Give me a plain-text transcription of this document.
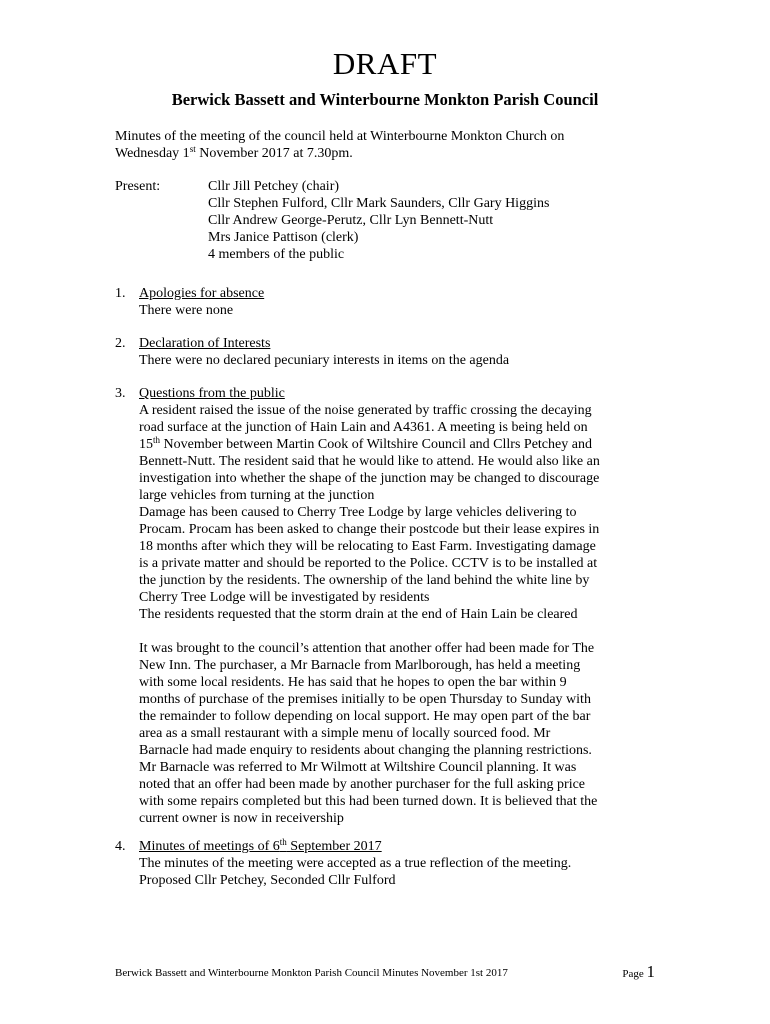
DRAFT
Berwick Bassett and Winterbourne Monkton Parish Council

Minutes of the meeting of the council held at Winterbourne Monkton Church on

Wednesday 1st November 2017 at 7.30pm.

Present:	Cllr Jill Petchey (chair)

Cllr Stephen Fulford, Cllr Mark Saunders, Cllr Gary Higgins

Cllr Andrew George-Perutz, Cllr Lyn Bennett-Nutt

Mrs Janice Pattison (clerk)

4 members of the public

1. Apologies for absence

There were none

2. Declaration of Interests

There were no declared pecuniary interests in items on the agenda

3. Questions from the public

A resident raised the issue of the noise generated by traffic crossing the decaying

road surface at the junction of Hain Lain and A4361. A meeting is being held on

15th November between Martin Cook of Wiltshire Council and Cllrs Petchey and

Bennett-Nutt. The resident said that he would like to attend. He would also like an

investigation into whether the shape of the junction may be changed to discourage

large vehicles from turning at the junction

Damage has been caused to Cherry Tree Lodge by large vehicles delivering to

Procam. Procam has been asked to change their postcode but their lease expires in

18 months after which they will be relocating to East Farm. Investigating damage

is a private matter and should be reported to the Police. CCTV is to be installed at

the junction by the residents. The ownership of the land behind the white line by

Cherry Tree Lodge will be investigated by residents

The residents requested that the storm drain at the end of Hain Lain be cleared

It was brought to the council’s attention that another offer had been made for The

New Inn. The purchaser, a Mr Barnacle from Marlborough, has held a meeting

with some local residents. He has said that he hopes to open the bar within 9

months of purchase of the premises initially to be open Thursday to Sunday with

the remainder to follow depending on local support. He may open part of the bar

area as a small restaurant with a simple menu of locally sourced food. Mr

Barnacle had made enquiry to residents about changing the planning restrictions.

Mr Barnacle was referred to Mr Wilmott at Wiltshire Council planning. It was

noted that an offer had been made by another purchaser for the full asking price

with some repairs completed but this had been turned down. It is believed that the

current owner is now in receivership

4. Minutes of meetings of 6th September 2017

The minutes of the meeting were accepted as a true reflection of the meeting.

Proposed Cllr Petchey, Seconded Cllr Fulford

Berwick Bassett and Winterbourne Monkton Parish Council Minutes November 1st 2017	Page 1
